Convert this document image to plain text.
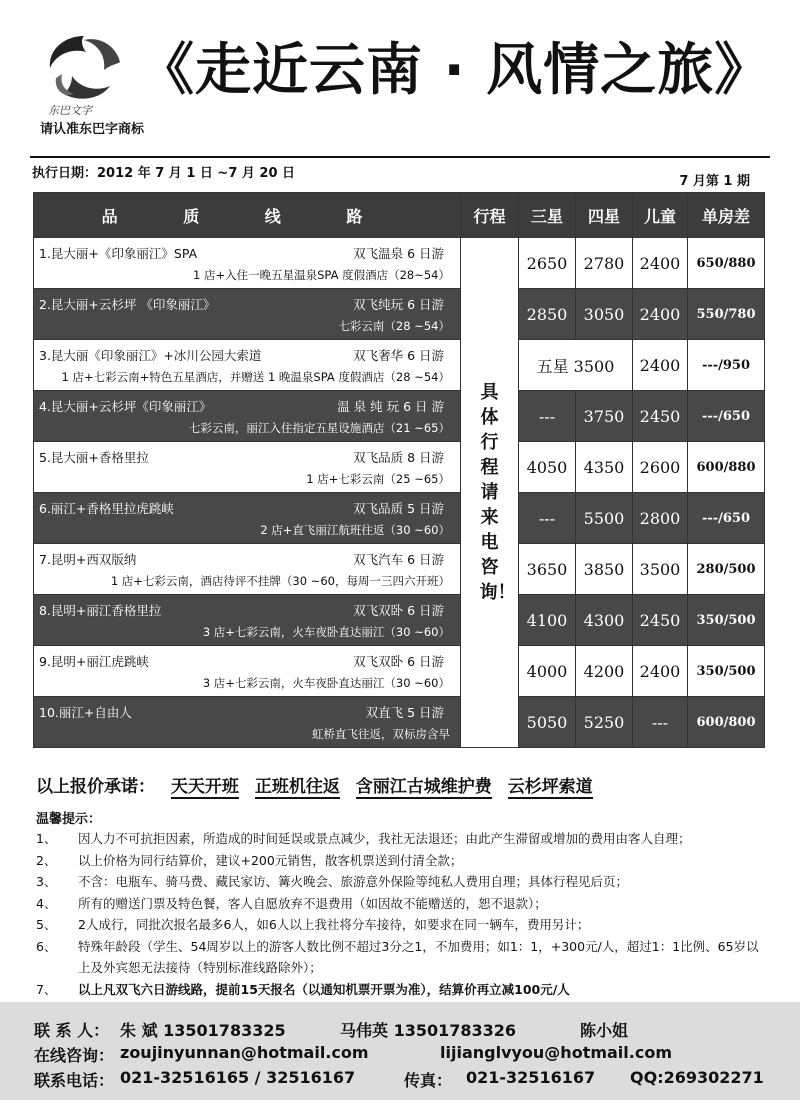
东巴文字
《走近云南 · 风情之旅》
请认准东巴字商标
执行日期：2012 年 7 月 1 日 ~7 月 20 日
7 月第 1 期
品 质 线 路	行程	三星	四星	儿童	单房差

1.昆大丽+《印象丽江》SPA 双飞温泉 6 日游
1 店+入住一晚五星温泉SPA 度假酒店（28~54）	具体行程请来电咨询！	2650	2780	2400	650/880

2.昆大丽+云杉坪 《印象丽江》 双飞纯玩 6 日游
七彩云南（28 ~54）		2850	3050	2400	550/780

3.昆大丽《印象丽江》+冰川公园大索道 双飞奢华 6 日游
1 店+七彩云南+特色五星酒店，并赠送 1 晚温泉SPA 度假酒店（28 ~54）		五星 3500		2400	---/950

4.昆大丽+云杉坪《印象丽江》 温 泉 纯 玩 6 日 游
七彩云南，丽江入住指定五星设施酒店（21 ~65）		---	3750	2450	---/650

5.昆大丽+香格里拉 双飞品质 8 日游
1 店+七彩云南（25 ~65）		4050	4350	2600	600/880

6.丽江+香格里拉虎跳峡 双飞品质 5 日游
2 店+直飞丽江航班往返（30 ~60）		---	5500	2800	---/650

7.昆明+西双版纳 双飞汽车 6 日游
1 店+七彩云南，酒店待评不挂牌（30 ~60，每周一三四六开班）		3650	3850	3500	280/500

8.昆明+丽江香格里拉 双飞双卧 6 日游
3 店+七彩云南，火车夜卧直达丽江（30 ~60）		4100	4300	2450	350/500

9.昆明+丽江虎跳峡 双飞双卧 6 日游
3 店+七彩云南，火车夜卧直达丽江（30 ~60）		4000	4200	2400	350/500

10.丽江+自由人 双直飞 5 日游
虹桥直飞往返，双标房含早		5050	5250	---	600/800
以上报价承诺： 天天开班 正班机往返 含丽江古城维护费 云杉坪索道
温馨提示：
1、	因人力不可抗拒因素，所造成的时间延误或景点减少，我社无法退还；由此产生滞留或增加的费用由客人自理；
2、	以上价格为同行结算价，建议+200元销售，散客机票送到付清全款；
3、	不含：电瓶车、骑马费、藏民家访、篝火晚会、旅游意外保险等纯私人费用自理；具体行程见后页；
4、	所有的赠送门票及特色餐，客人自愿放弃不退费用（如因故不能赠送的，恕不退款）；
5、	2人成行，同批次报名最多6人，如6人以上我社将分车接待，如要求在同一辆车，费用另计；
6、	特殊年龄段（学生、54周岁以上的游客人数比例不超过3分之1，不加费用；如1：1，+300元/人，超过1：1比例、65岁以上及外宾恕无法接待（特别标准线路除外）；
7、	以上凡双飞六日游线路，提前15天报名（以通知机票开票为准），结算价再立减100元/人
联 系 人： 朱 斌 13501783325	马伟英 13501783326	陈小姐
在线咨询： zoujinyunnan@hotmail.com	lijianglvyou@hotmail.com
联系电话： 021-32516165 / 32516167	传真： 021-32516167 QQ:269302271
